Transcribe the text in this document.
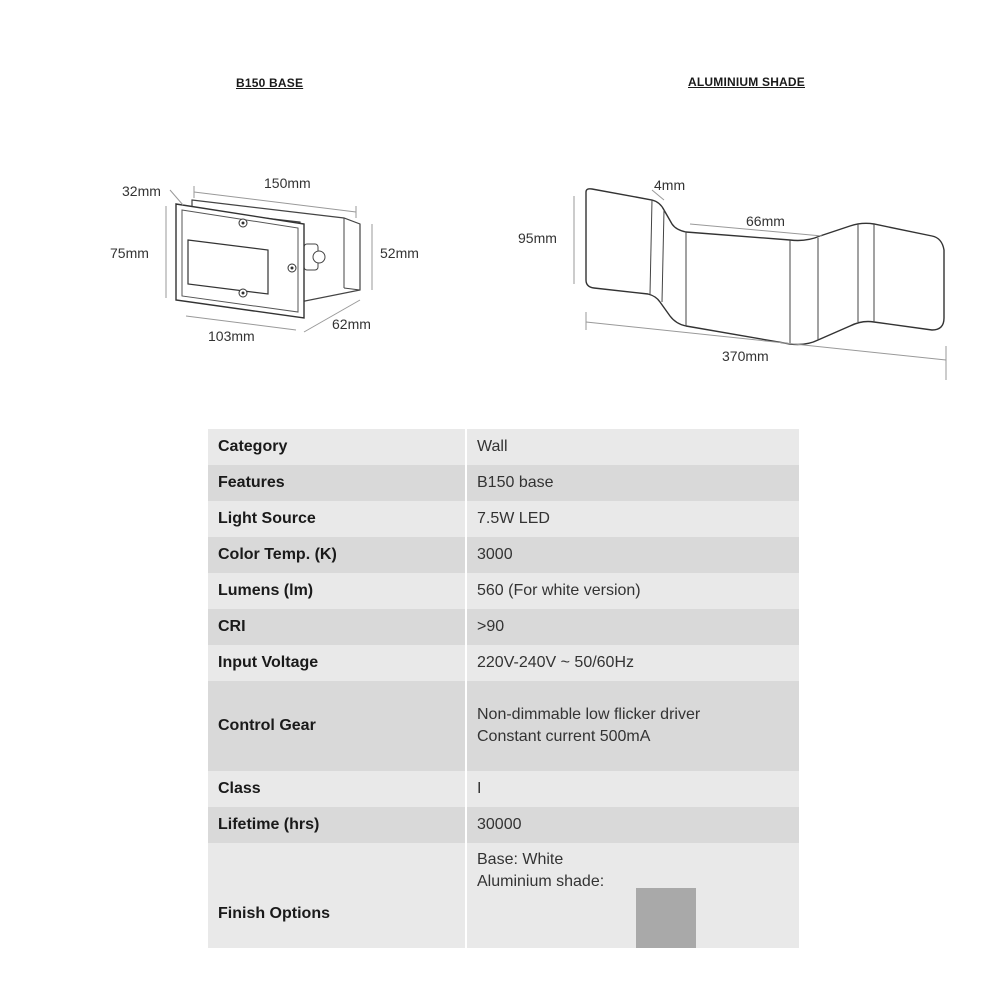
B150 BASE	ALUMINIUM SHADE
150mm
32mm
75mm	52mm
103mm
62mm
4mm
95mm
66mm
370mm
Category	Wall
Features	B150 base
Light Source	7.5W LED
Color Temp. (K)	3000
Lumens (lm)	560 (For white version)
CRI	>90
Input Voltage	220V-240V ~ 50/60Hz
Control Gear	Non-dimmable low flicker driver
Constant current 500mA

Class	I
Lifetime (hrs)	30000
Finish Options	Base: White
Aluminium shade:
